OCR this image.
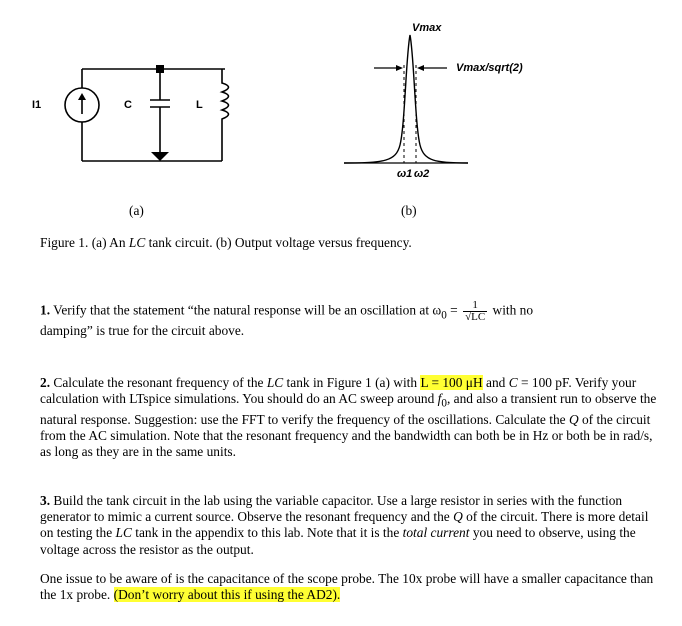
I1	C	L
Vmax
Vmax/sqrt(2)
ω1 ω2
(a)	(b)
Figure 1. (a) An LC tank circuit. (b) Output voltage versus frequency.
1. Verify that the statement “the natural response will be an oscillation at $\omega_0 = \frac{1}{√LC}$ with no
damping” is true for the circuit above.
2. Calculate the resonant frequency of the LC tank in Figure 1 (a) with L = 100 μH and C = 100 pF. Verify your calculation with LTspice simulations. You should do an AC sweep around $f_0$, and also a transient run to observe the natural response. Suggestion: use the FFT to verify the frequency of the oscillations. Calculate the Q of the circuit from the AC simulation. Note that the resonant frequency and the bandwidth can both be in Hz or both be in rad/s, as long as they are in the same units.
3. Build the tank circuit in the lab using the variable capacitor. Use a large resistor in series with the function generator to mimic a current source. Observe the resonant frequency and the Q of the circuit. There is more detail on testing the LC tank in the appendix to this lab. Note that it is the total current you need to observe, using the voltage across the resistor as the output.
One issue to be aware of is the capacitance of the scope probe. The 10x probe will have a smaller capacitance than the 1x probe. (Don’t worry about this if using the AD2).
